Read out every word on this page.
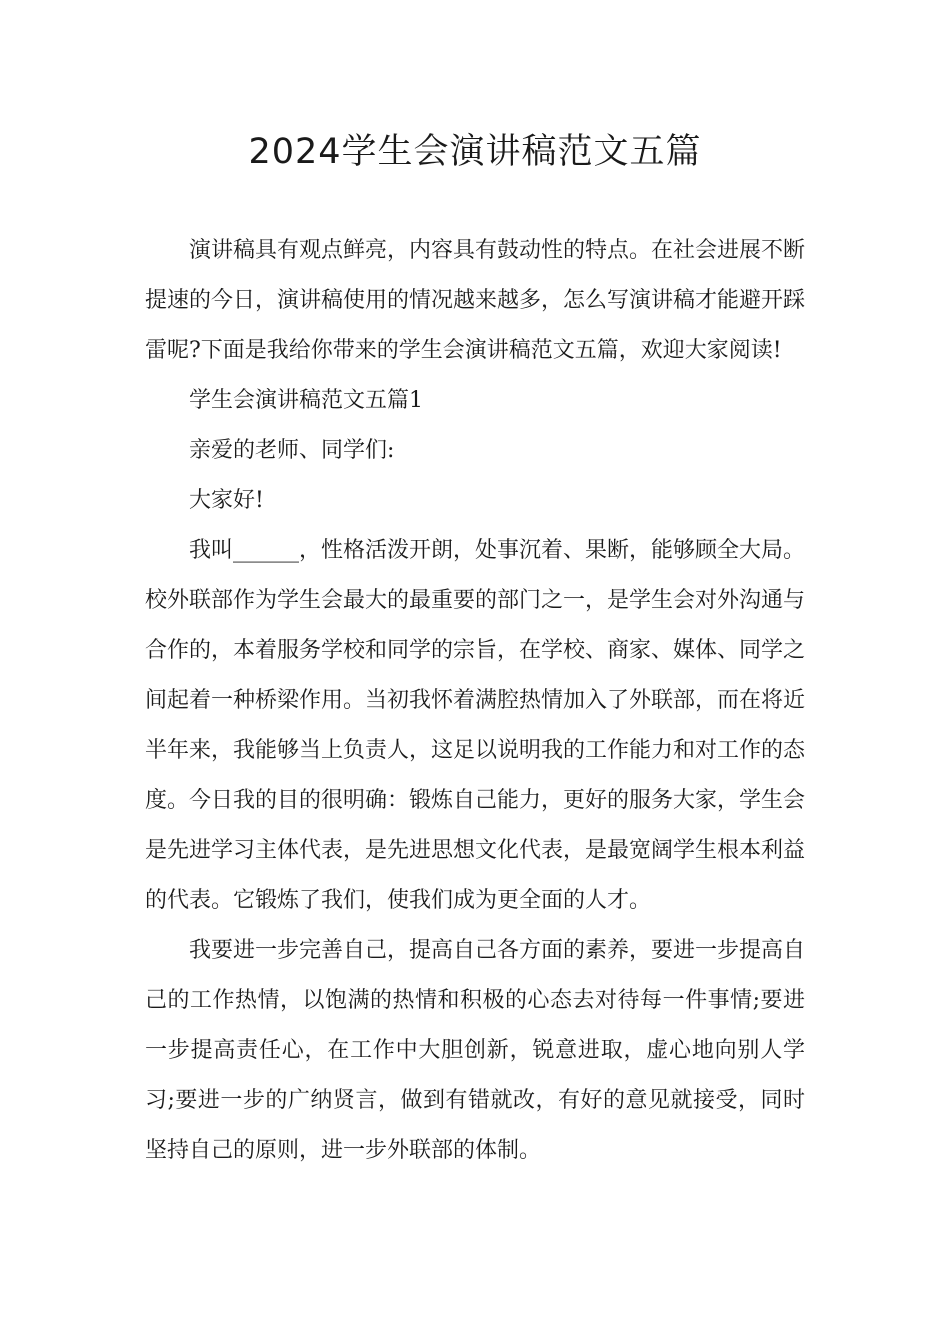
2024学生会演讲稿范文五篇

演讲稿具有观点鲜亮，内容具有鼓动性的特点。在社会进展不断提速的今日，演讲稿使用的情况越来越多，怎么写演讲稿才能避开踩雷呢?下面是我给你带来的学生会演讲稿范文五篇，欢迎大家阅读!

学生会演讲稿范文五篇1

亲爱的老师、同学们:

大家好!

我叫______，性格活泼开朗，处事沉着、果断，能够顾全大局。校外联部作为学生会最大的最重要的部门之一，是学生会对外沟通与合作的，本着服务学校和同学的宗旨，在学校、商家、媒体、同学之间起着一种桥梁作用。当初我怀着满腔热情加入了外联部，而在将近半年来，我能够当上负责人，这足以说明我的工作能力和对工作的态度。今日我的目的很明确：锻炼自己能力，更好的服务大家，学生会是先进学习主体代表，是先进思想文化代表，是最宽阔学生根本利益的代表。它锻炼了我们，使我们成为更全面的人才。

我要进一步完善自己，提高自己各方面的素养，要进一步提高自己的工作热情，以饱满的热情和积极的心态去对待每一件事情;要进一步提高责任心，在工作中大胆创新，锐意进取，虚心地向别人学习;要进一步的广纳贤言，做到有错就改，有好的意见就接受，同时坚持自己的原则，进一步外联部的体制。
